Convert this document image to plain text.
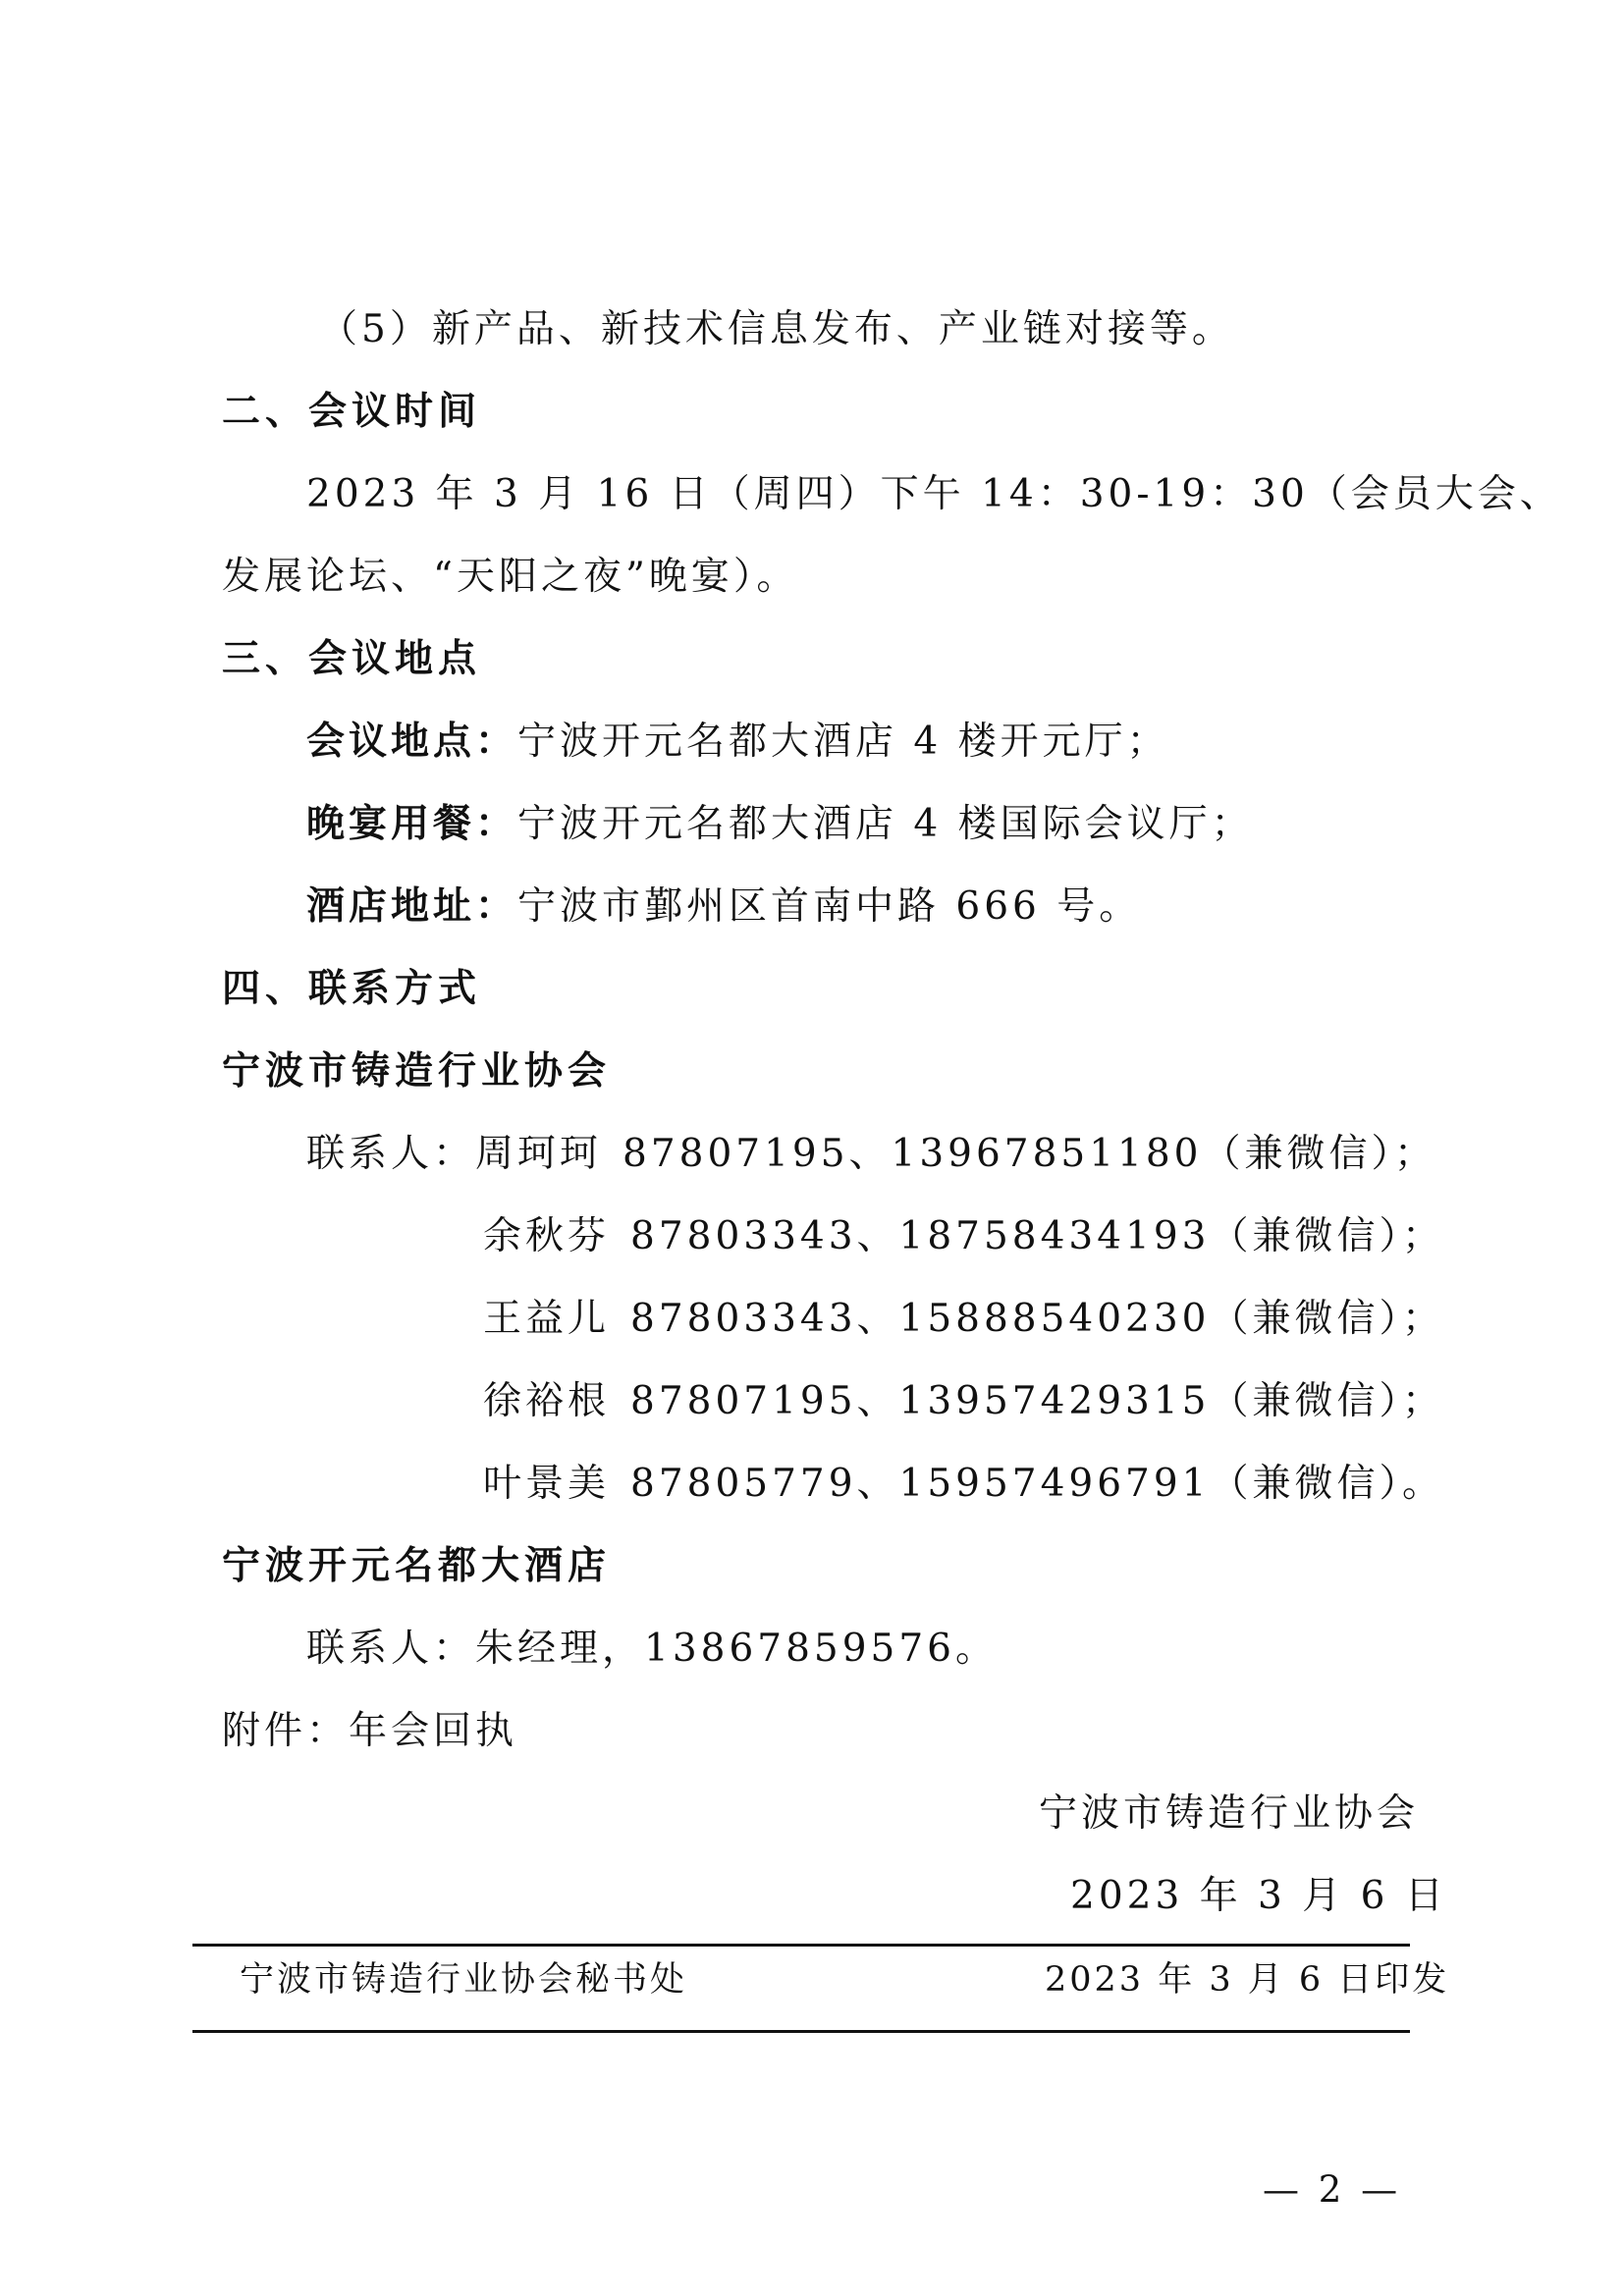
（5）新产品、新技术信息发布、产业链对接等。
二、会议时间
2023 年 3 月 16 日（周四）下午 14：30-19：30（会员大会、
发展论坛、“天阳之夜”晚宴）。
三、会议地点
会议地点：宁波开元名都大酒店 4 楼开元厅；
晚宴用餐：宁波开元名都大酒店 4 楼国际会议厅；
酒店地址：宁波市鄞州区首南中路 666 号。
四、联系方式
宁波市铸造行业协会
联系人：周珂珂 87807195、13967851180（兼微信）；
余秋芬 87803343、18758434193（兼微信）；
王益儿 87803343、15888540230（兼微信）；
徐裕根 87807195、13957429315（兼微信）；
叶景美 87805779、15957496791（兼微信）。
宁波开元名都大酒店
联系人：朱经理，13867859576。
附件：年会回执
宁波市铸造行业协会
2023 年 3 月 6 日
宁波市铸造行业协会秘书处	2023 年 3 月 6 日印发
— 2 —
